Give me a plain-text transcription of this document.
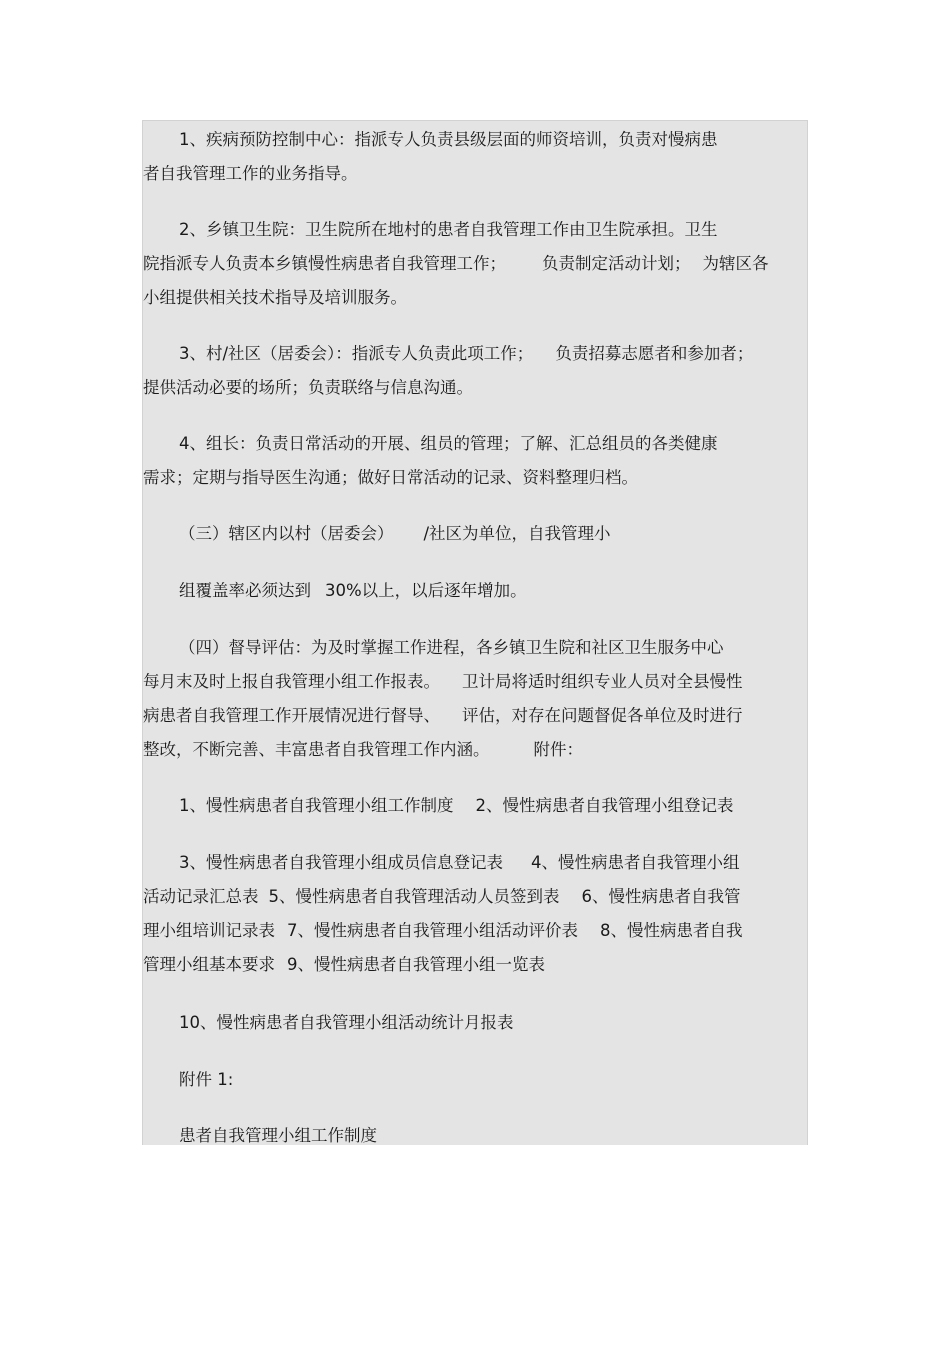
1、疾病预防控制中心：指派专人负责县级层面的师资培训，负责对慢病患
者自我管理工作的业务指导。
2、乡镇卫生院：卫生院所在地村的患者自我管理工作由卫生院承担。卫生
院指派专人负责本乡镇慢性病患者自我管理工作； 负责制定活动计划； 为辖区各
小组提供相关技术指导及培训服务。
3、村/社区（居委会）：指派专人负责此项工作； 负责招募志愿者和参加者；
提供活动必要的场所；负责联络与信息沟通。
4、组长：负责日常活动的开展、组员的管理；了解、汇总组员的各类健康
需求；定期与指导医生沟通；做好日常活动的记录、资料整理归档。
（三）辖区内以村（居委会） /社区为单位，自我管理小
组覆盖率必须达到 30%以上，以后逐年增加。
（四）督导评估：为及时掌握工作进程，各乡镇卫生院和社区卫生服务中心
每月末及时上报自我管理小组工作报表。 卫计局将适时组织专业人员对全县慢性
病患者自我管理工作开展情况进行督导、 评估，对存在问题督促各单位及时进行
整改，不断完善、丰富患者自我管理工作内涵。	附件：
1、慢性病患者自我管理小组工作制度 2、慢性病患者自我管理小组登记表
3、慢性病患者自我管理小组成员信息登记表 4、慢性病患者自我管理小组
活动记录汇总表 5、慢性病患者自我管理活动人员签到表 6、慢性病患者自我管
理小组培训记录表 7、慢性病患者自我管理小组活动评价表 8、慢性病患者自我
管理小组基本要求 9、慢性病患者自我管理小组一览表
10、慢性病患者自我管理小组活动统计月报表
附件 1:
患者自我管理小组工作制度
